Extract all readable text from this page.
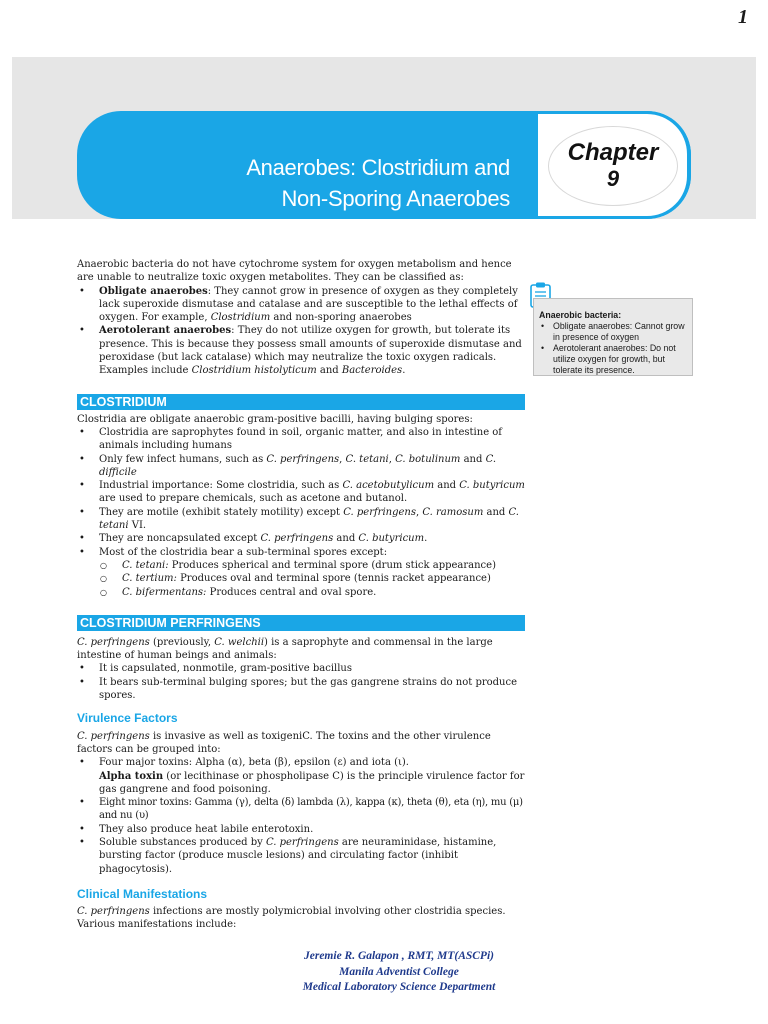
1
Chapter
9
Anaerobes: Clostridium and
Non-Sporing Anaerobes
Anaerobic bacteria:
• Obligate anaerobes: Cannot grow in presence of oxygen
• Aerotolerant anaerobes: Do not utilize oxygen for growth, but tolerate its presence.

Anaerobic bacteria do not have cytochrome system for oxygen metabolism and hence are unable to neutralize toxic oxygen metabolites. They can be classified as:

• Obligate anaerobes: They cannot grow in presence of oxygen as they completely lack superoxide dismutase and catalase and are susceptible to the lethal effects of oxygen. For example, Clostridium and non-sporing anaerobes
• Aerotolerant anaerobes: They do not utilize oxygen for growth, but tolerate its presence. This is because they possess small amounts of superoxide dismutase and peroxidase (but lack catalase) which may neutralize the toxic oxygen radicals. Examples include Clostridium histolyticum and Bacteroides.
CLOSTRIDIUM

Clostridia are obligate anaerobic gram-positive bacilli, having bulging spores:

• Clostridia are saprophytes found in soil, organic matter, and also in intestine of animals including humans
• Only few infect humans, such as C. perfringens, C. tetani, C. botulinum and C. difficile
• Industrial importance: Some clostridia, such as C. acetobutylicum and C. butyricum are used to prepare chemicals, such as acetone and butanol.
• They are motile (exhibit stately motility) except C. perfringens, C. ramosum and C. tetani VI.
• They are noncapsulated except C. perfringens and C. butyricum.
• Most of the clostridia bear a sub-terminal spores except:
○ C. tetani: Produces spherical and terminal spore (drum stick appearance)
○ C. tertium: Produces oval and terminal spore (tennis racket appearance)
○ C. bifermentans: Produces central and oval spore.
CLOSTRIDIUM PERFRINGENS

C. perfringens (previously, C. welchii) is a saprophyte and commensal in the large intestine of human beings and animals:

• It is capsulated, nonmotile, gram-positive bacillus
• It bears sub-terminal bulging spores; but the gas gangrene strains do not produce spores.
Virulence Factors

C. perfringens is invasive as well as toxigeniC. The toxins and the other virulence factors can be grouped into:

• Four major toxins: Alpha (α), beta (β), epsilon (ε) and iota (ι).
Alpha toxin (or lecithinase or phospholipase C) is the principle virulence factor for gas gangrene and food poisoning.
• Eight minor toxins: Gamma (γ), delta (δ) lambda (λ), kappa (κ), theta (θ), eta (η), mu (μ) and nu (υ)
• They also produce heat labile enterotoxin.
• Soluble substances produced by C. perfringens are neuraminidase, histamine, bursting factor (produce muscle lesions) and circulating factor (inhibit phagocytosis).
Clinical Manifestations

C. perfringens infections are mostly polymicrobial involving other clostridia species. Various manifestations include:

Jeremie R. Galapon , RMT, MT(ASCPi)
Manila Adventist College
Medical Laboratory Science Department
